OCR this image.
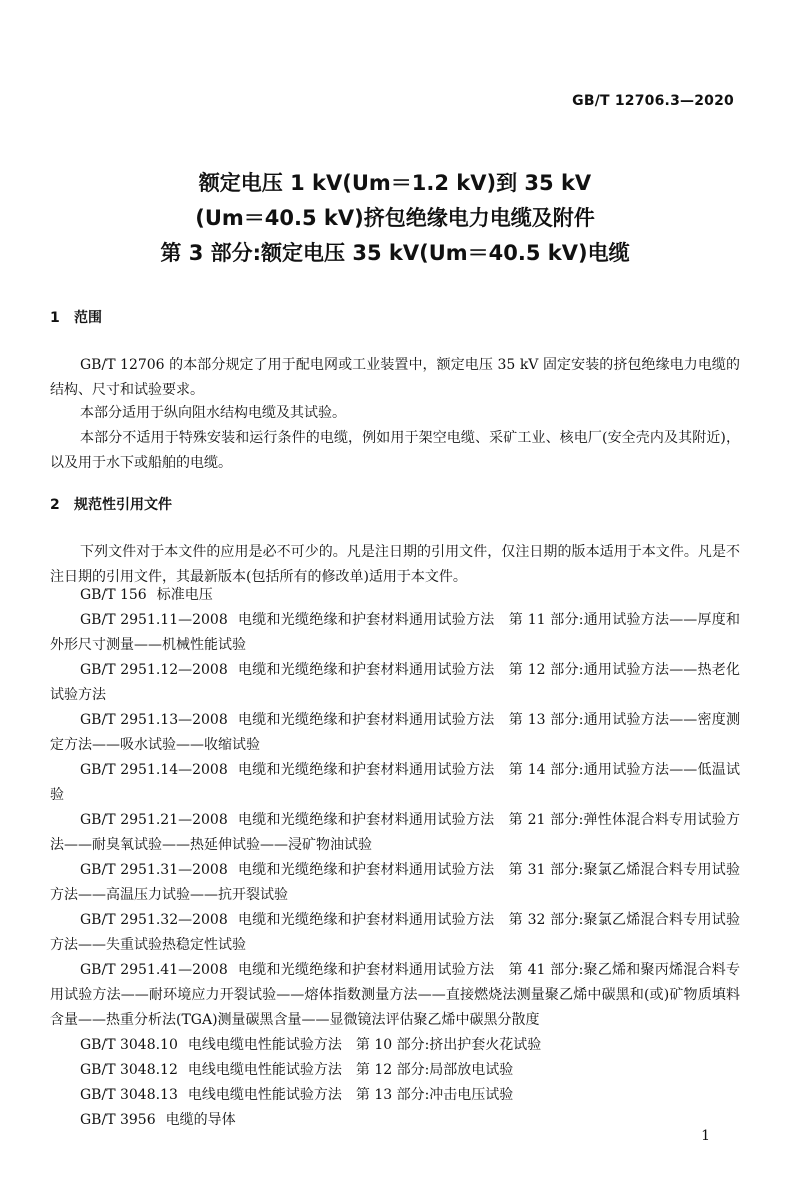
GB/T 12706.3—2020
额定电压 1 kV(Um＝1.2 kV)到 35 kV
(Um＝40.5 kV)挤包绝缘电力电缆及附件
第 3 部分:额定电压 35 kV(Um＝40.5 kV)电缆
1 范围
GB/T 12706 的本部分规定了用于配电网或工业装置中，额定电压 35 kV 固定安装的挤包绝缘电力电缆的结构、尺寸和试验要求。
本部分适用于纵向阻水结构电缆及其试验。
本部分不适用于特殊安装和运行条件的电缆，例如用于架空电缆、采矿工业、核电厂(安全壳内及其附近)，以及用于水下或船舶的电缆。
2 规范性引用文件
下列文件对于本文件的应用是必不可少的。凡是注日期的引用文件，仅注日期的版本适用于本文件。凡是不注日期的引用文件，其最新版本(包括所有的修改单)适用于本文件。
GB/T 156 标准电压
GB/T 2951.11—2008 电缆和光缆绝缘和护套材料通用试验方法　第 11 部分:通用试验方法——厚度和外形尺寸测量——机械性能试验
GB/T 2951.12—2008 电缆和光缆绝缘和护套材料通用试验方法　第 12 部分:通用试验方法——热老化试验方法
GB/T 2951.13—2008 电缆和光缆绝缘和护套材料通用试验方法　第 13 部分:通用试验方法——密度测定方法——吸水试验——收缩试验
GB/T 2951.14—2008 电缆和光缆绝缘和护套材料通用试验方法　第 14 部分:通用试验方法——低温试验
GB/T 2951.21—2008 电缆和光缆绝缘和护套材料通用试验方法　第 21 部分:弹性体混合料专用试验方法——耐臭氧试验——热延伸试验——浸矿物油试验
GB/T 2951.31—2008 电缆和光缆绝缘和护套材料通用试验方法　第 31 部分:聚氯乙烯混合料专用试验方法——高温压力试验——抗开裂试验
GB/T 2951.32—2008 电缆和光缆绝缘和护套材料通用试验方法　第 32 部分:聚氯乙烯混合料专用试验方法——失重试验热稳定性试验
GB/T 2951.41—2008 电缆和光缆绝缘和护套材料通用试验方法　第 41 部分:聚乙烯和聚丙烯混合料专用试验方法——耐环境应力开裂试验——熔体指数测量方法——直接燃烧法测量聚乙烯中碳黑和(或)矿物质填料含量——热重分析法(TGA)测量碳黑含量——显微镜法评估聚乙烯中碳黑分散度
GB/T 3048.10 电线电缆电性能试验方法　第 10 部分:挤出护套火花试验
GB/T 3048.12 电线电缆电性能试验方法　第 12 部分:局部放电试验
GB/T 3048.13 电线电缆电性能试验方法　第 13 部分:冲击电压试验
GB/T 3956 电缆的导体
1
